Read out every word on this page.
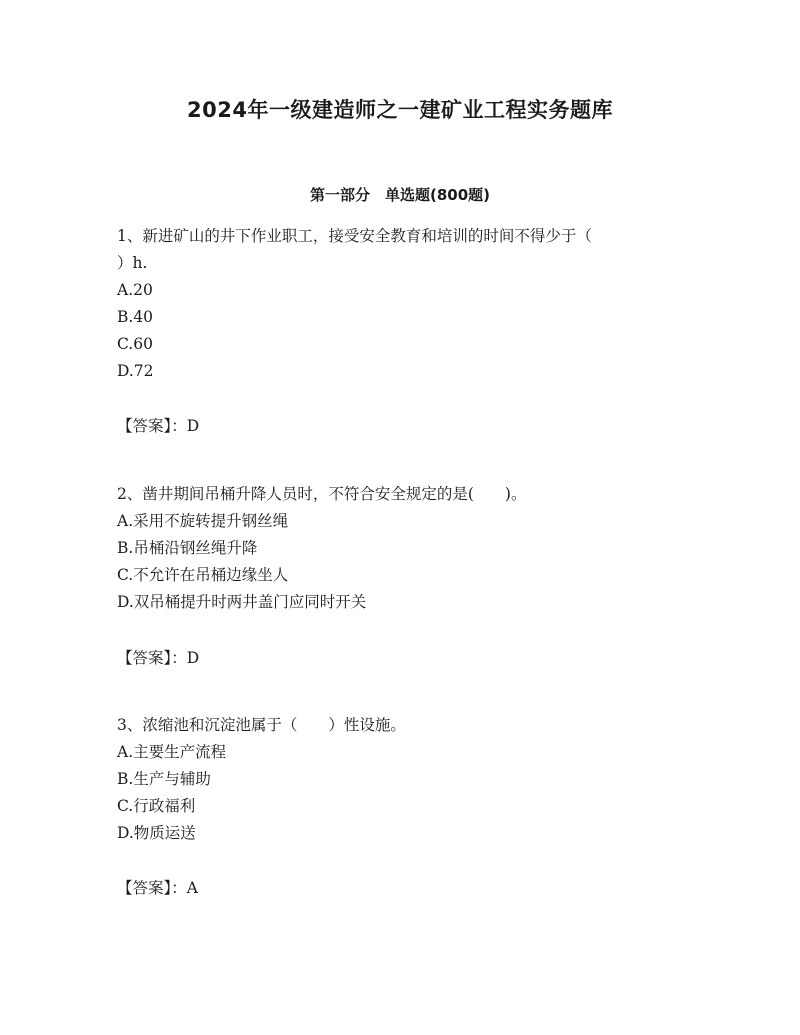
2024年一级建造师之一建矿业工程实务题库
第一部分　单选题(800题)
1、新进矿山的井下作业职工，接受安全教育和培训的时间不得少于（
）h.
A.20
B.40
C.60
D.72
【答案】：D
2、凿井期间吊桶升降人员时，不符合安全规定的是(　　)。
A.采用不旋转提升钢丝绳
B.吊桶沿钢丝绳升降
C.不允许在吊桶边缘坐人
D.双吊桶提升时两井盖门应同时开关
【答案】：D
3、浓缩池和沉淀池属于（　　）性设施。
A.主要生产流程
B.生产与辅助
C.行政福利
D.物质运送
【答案】：A
